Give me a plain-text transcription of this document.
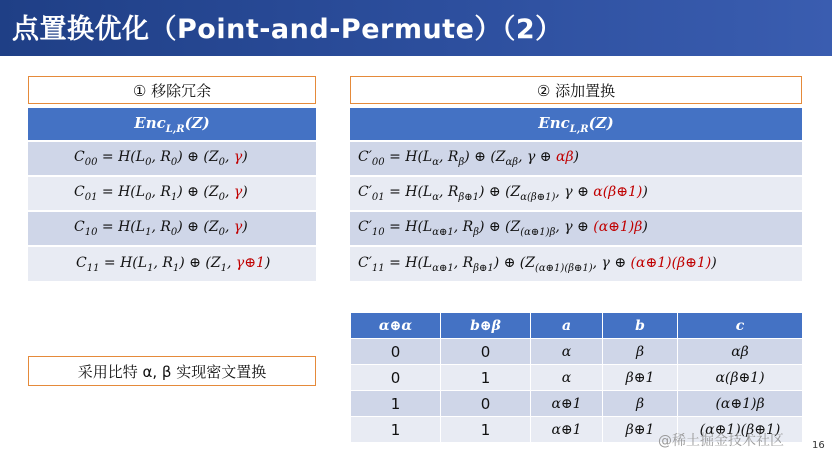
点置换优化（Point-and-Permute）（2）
① 移除冗余
Enc$_{L,R}$(Z)
$C_{00} = H(L_0$, $R_0$) ⊕ ($Z_0$, γ)
$C_{01} = H(L_0$, $R_1$) ⊕ ($Z_0$, γ)
$C_{10} = H(L_1$, $R_0$) ⊕ ($Z_0$, γ)
$C_{11} = H(L_1$, $R_1$) ⊕ ($Z_1$, γ⊕1)
② 添加置换
Enc$_{L,R}$(Z)
$C'_{00} = H(L_\alpha$, $R_\beta$) ⊕ ($Z_{\alpha\beta}$, γ ⊕ αβ)
$C'_{01} = H(L_\alpha$, $R_{\beta\oplus 1}$) ⊕ ($Z_{\alpha(\beta\oplus 1)}$, γ ⊕ α(β⊕1))
$C'_{10} = H(L_{\alpha\oplus 1}$, $R_\beta$) ⊕ ($Z_{(\alpha\oplus 1)\beta}$, γ ⊕ (α⊕1)β)
$C'_{11} = H(L_{\alpha\oplus 1}$, $R_{\beta\oplus 1}$) ⊕ ($Z_{(\alpha\oplus 1)(\beta\oplus 1)}$, γ ⊕ (α⊕1)(β⊕1))
采用比特 α, β 实现密文置换
α⊕α	b⊕β	a	b	c
0	0	α	β	αβ
0	1	α	β⊕1	α(β⊕1)
1	0	α⊕1	β	(α⊕1)β
1	1	α⊕1	β⊕1	(α⊕1)(β⊕1)
@稀土掘金技术社区	16
